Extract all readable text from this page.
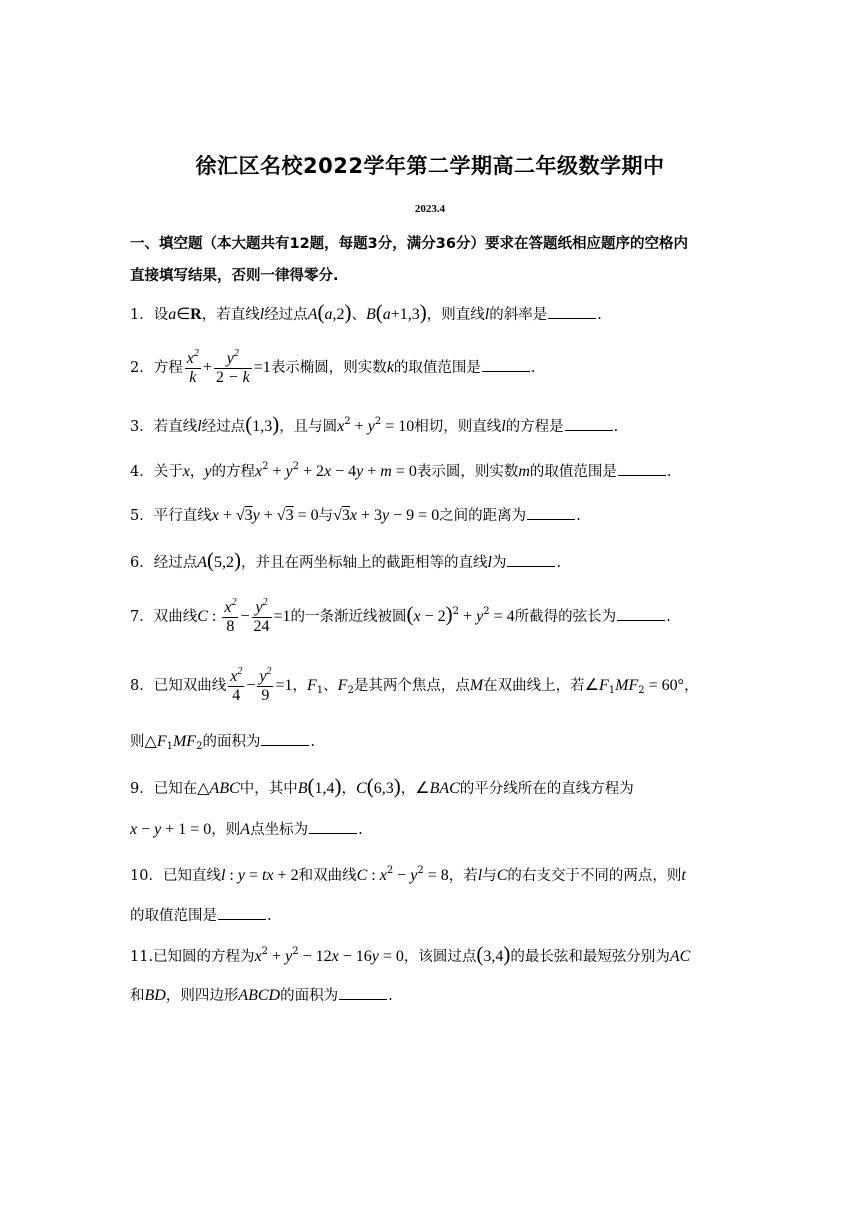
徐汇区名校2022学年第二学期高二年级数学期中
2023.4
一、填空题（本大题共有12题，每题3分，满分36分）要求在答题纸相应题序的空格内
直接填写结果，否则一律得零分.
1．设a∈R，若直线l经过点A(a,2)、B(a+1,3)，则直线l的斜率是	.
2．方程 $\frac{x^2}{k} + \frac{y^2}{2 - k} =1$表示椭圆，则实数k的取值范围是	.
3．若直线l经过点(1,3)，且与圆$x^2 + y^2 = 10$相切，则直线l的方程是	.
4．关于x，y的方程$x^2 + y^2 + 2x - 4y + m = 0$表示圆，则实数m的取值范围是	.
5．平行直线x + √3y + √3 = 0与√3x + 3y − 9 = 0之间的距离为	.
6．经过点A(5,2)，并且在两坐标轴上的截距相等的直线l为	.
7．双曲线C : $\frac{x^2}{8} - \frac{y^2}{24} =1$的一条渐近线被圆$(x - 2)^2 + y^2 = 4$所截得的弦长为	.
8．已知双曲线 $\frac{x^2}{4} - \frac{y^2}{9} =1$，$F_1$、$F_2$是其两个焦点，点M在双曲线上，若$\angle F_1MF_2 = 60^\circ$，
则$\triangle F_1MF_2$的面积为	.
9．已知在△ABC中，其中B(1,4)，C(6,3)，∠BAC的平分线所在的直线方程为
x − y + 1 = 0，则A点坐标为	.
10．已知直线l : y = tx + 2和双曲线C : $x^2 - y^2 = 8$，若l与C的右支交于不同的两点，则t
的取值范围是	.
11.已知圆的方程为$x^2 + y^2 - 12x - 16y = 0$，该圆过点(3,4)的最长弦和最短弦分别为AC
和BD，则四边形ABCD的面积为	.
